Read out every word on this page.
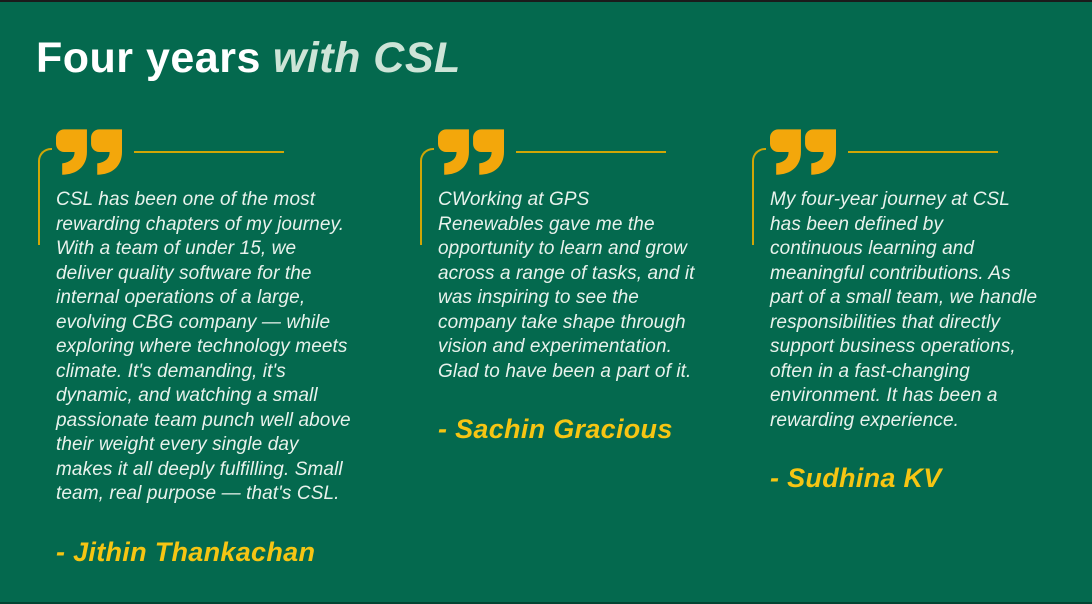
Four years with CSL

CSL has been one of the most rewarding chapters of my journey. With a team of under 15, we deliver quality software for the internal operations of a large, evolving CBG company — while exploring where technology meets climate. It's demanding, it's dynamic, and watching a small passionate team punch well above their weight every single day makes it all deeply fulfilling. Small team, real purpose — that's CSL.

- Jithin Thankachan

CWorking at GPS Renewables gave me the opportunity to learn and grow across a range of tasks, and it was inspiring to see the company take shape through vision and experimentation. Glad to have been a part of it.

- Sachin Gracious

My four-year journey at CSL has been defined by continuous learning and meaningful contributions. As part of a small team, we handle responsibilities that directly support business operations, often in a fast-changing environment. It has been a rewarding experience.

- Sudhina KV
